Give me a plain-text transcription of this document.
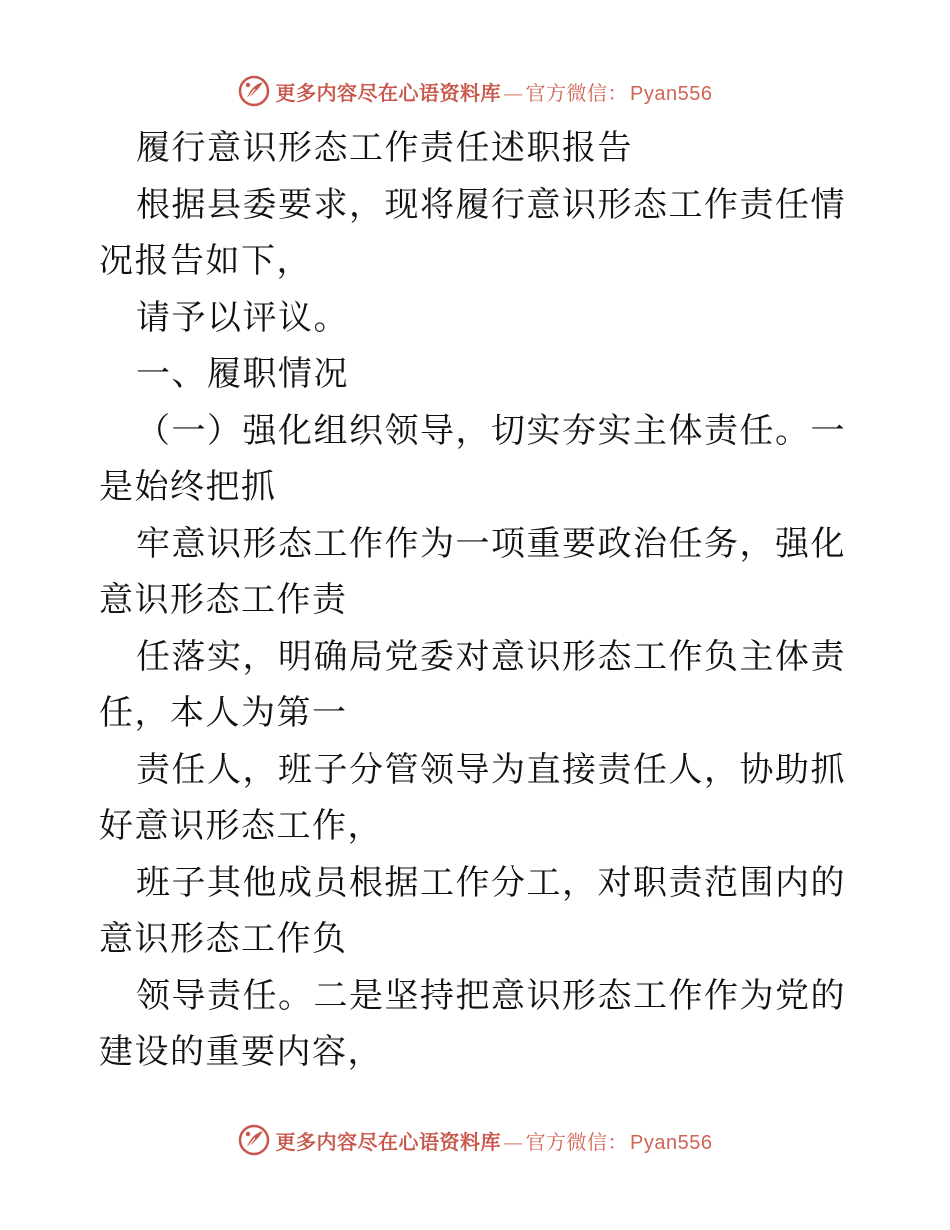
更多内容尽在心语资料库 — 官方微信： Pyan556

履行意识形态工作责任述职报告

根据县委要求，现将履行意识形态工作责任情况报告如下，

请予以评议。

一、履职情况

（一）强化组织领导，切实夯实主体责任。一是始终把抓

牢意识形态工作作为一项重要政治任务，强化意识形态工作责

任落实，明确局党委对意识形态工作负主体责任，本人为第一

责任人，班子分管领导为直接责任人，协助抓好意识形态工作，

班子其他成员根据工作分工，对职责范围内的意识形态工作负

领导责任。二是坚持把意识形态工作作为党的建设的重要内容，

更多内容尽在心语资料库 — 官方微信： Pyan556
